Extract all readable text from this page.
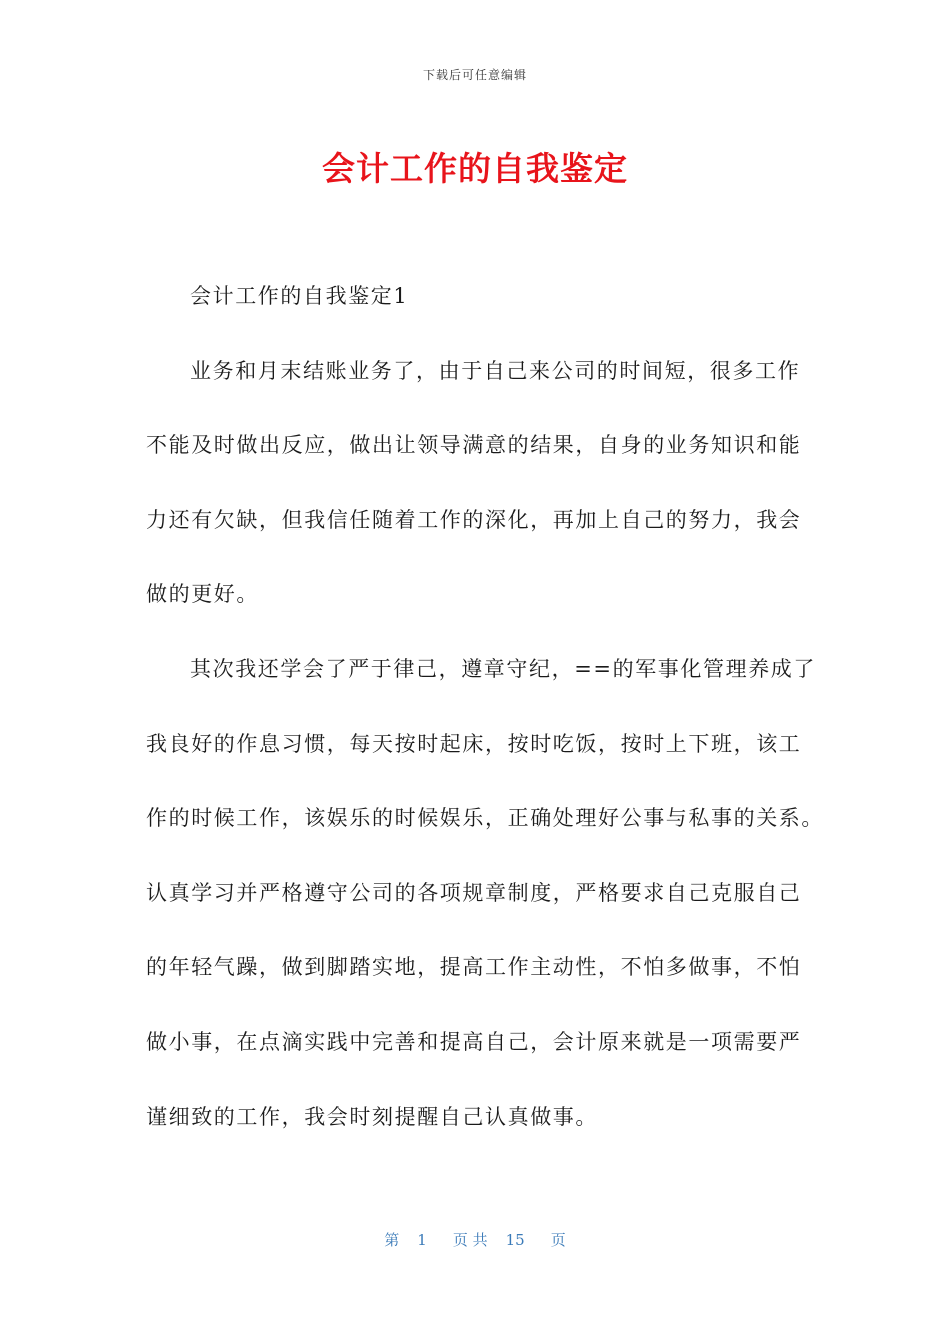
下载后可任意编辑
会计工作的自我鉴定
会计工作的自我鉴定1
业务和月末结账业务了，由于自己来公司的时间短，很多工作
不能及时做出反应，做出让领导满意的结果，自身的业务知识和能
力还有欠缺，但我信任随着工作的深化，再加上自己的努力，我会
做的更好。
其次我还学会了严于律己，遵章守纪，==的军事化管理养成了
我良好的作息习惯，每天按时起床，按时吃饭，按时上下班，该工
作的时候工作，该娱乐的时候娱乐，正确处理好公事与私事的关系。
认真学习并严格遵守公司的各项规章制度，严格要求自己克服自己
的年轻气躁，做到脚踏实地，提高工作主动性，不怕多做事，不怕
做小事，在点滴实践中完善和提高自己，会计原来就是一项需要严
谨细致的工作，我会时刻提醒自己认真做事。
第 1 页 共 15 页
